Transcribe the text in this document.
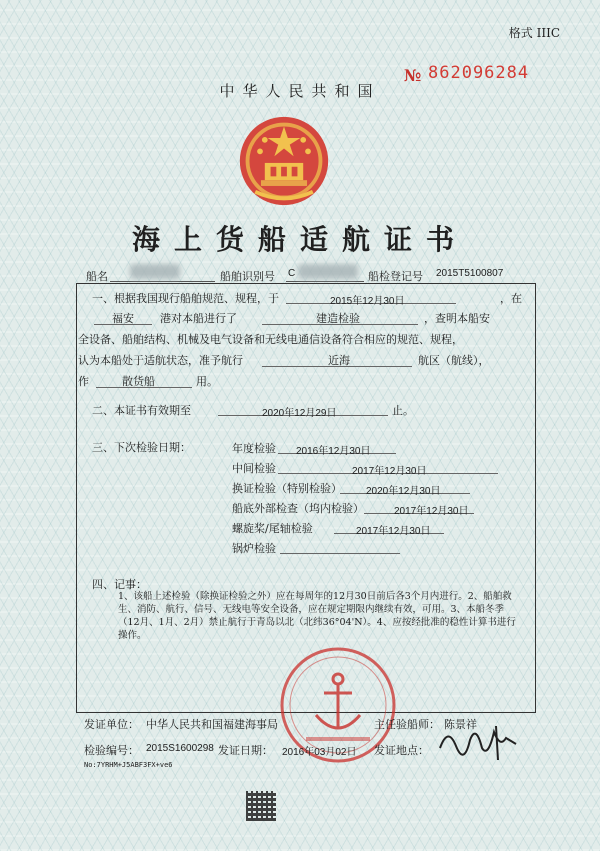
格式 IIIC
№ 862096284
中华人民共和国
海上货船适航证书
船名	船舶识别号 C	船检登记号 2015T5100807
一、根据我国现行船舶规范、规程，于	2015年12月30日	，在
福安 港对本船进行了	建造检验	，查明本船安
全设备、船舶结构、机械及电气设备和无线电通信设备符合相应的规范、规程，
认为本船处于适航状态，准予航行	近海	航区（航线），
作	散货船	用。
二、本证书有效期至	2020年12月29日	止。
三、下次检验日期：	年度检验 2016年12月30日
中间检验	2017年12月30日
换证检验（特别检验） 2020年12月30日
船底外部检查（坞内检验）	2017年12月30日
螺旋桨/尾轴检验	2017年12月30日
锅炉检验
四、记事：
1、该船上述检验（除换证检验之外）应在每周年的12月30日前后各3个月内进行。2、船舶救生、消防、航行、信号、无线电等安全设备，应在规定期限内继续有效，可用。3、本船冬季（12月、1月、2月）禁止航行于青岛以北（北纬36°04'N）。4、应按经批准的稳性计算书进行操作。
发证单位： 中华人民共和国福建海事局	主任验船师： 陈景祥
检验编号： 2015S1600298 发证日期： 2016年03月02日 发证地点：
No:7YRHM+J5ABF3FX+ve6
